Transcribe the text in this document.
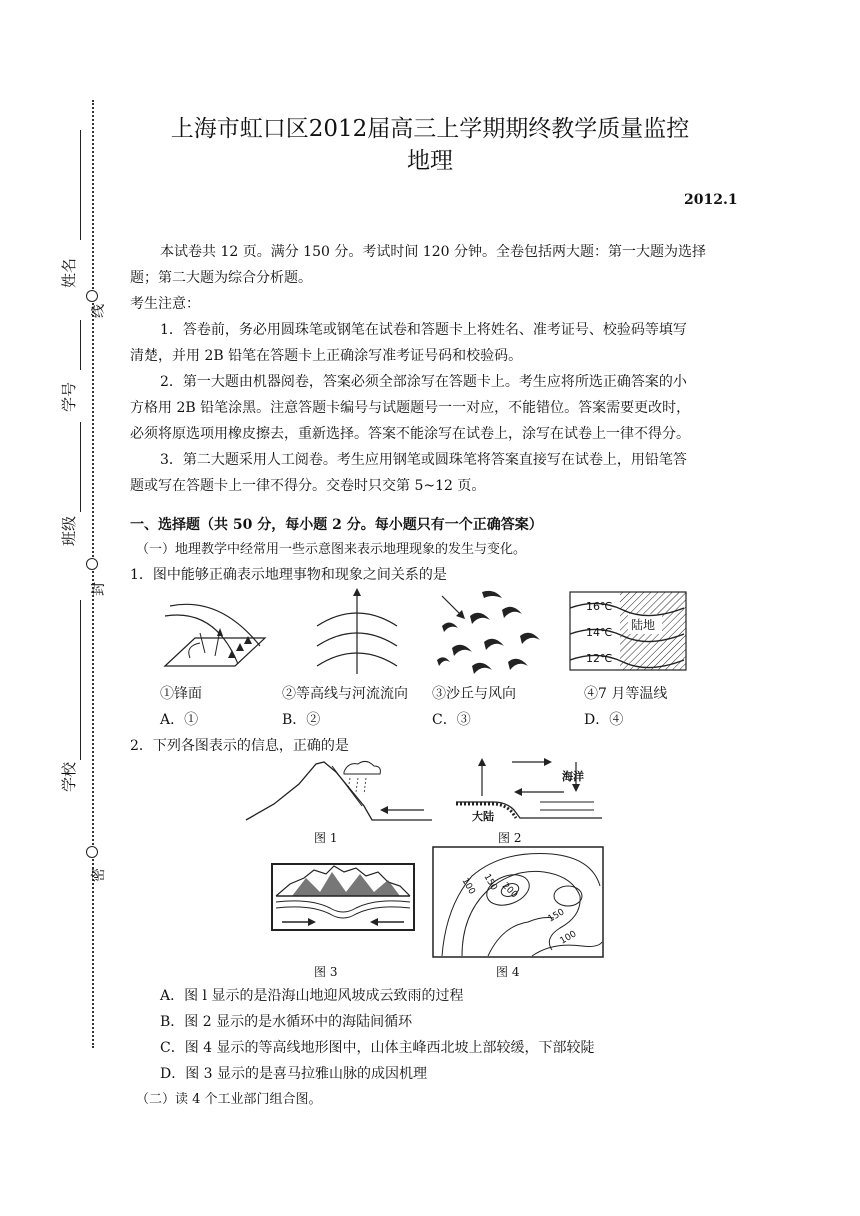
姓名
线
学号
班级
封
学校
密
上海市虹口区2012届高三上学期期终教学质量监控
地理
2012.1
本试卷共 12 页。满分 150 分。考试时间 120 分钟。全卷包括两大题：第一大题为选择
题；第二大题为综合分析题。
考生注意：
1．答卷前，务必用圆珠笔或钢笔在试卷和答题卡上将姓名、准考证号、校验码等填写
清楚，并用 2B 铅笔在答题卡上正确涂写准考证号码和校验码。
2．第一大题由机器阅卷，答案必须全部涂写在答题卡上。考生应将所选正确答案的小
方格用 2B 铅笔涂黑。注意答题卡编号与试题题号一一对应，不能错位。答案需要更改时，
必须将原选项用橡皮擦去，重新选择。答案不能涂写在试卷上，涂写在试卷上一律不得分。
3．第二大题采用人工阅卷。考生应用钢笔或圆珠笔将答案直接写在试卷上，用铅笔答
题或写在答题卡上一律不得分。交卷时只交第 5~12 页。
一、选择题（共 50 分，每小题 2 分。每小题只有一个正确答案）
（一）地理教学中经常用一些示意图来表示地理现象的发生与变化。
1．图中能够正确表示地理事物和现象之间关系的是
陆地
16℃
14℃
12℃
①锋面	②等高线与河流流向 ③沙丘与风向	④7 月等温线
A．①	B．②	C．③	D．④
2．下列各图表示的信息，正确的是
图 1
海洋
大陆
图 2
图 3
100 150 200
150
100
图 4
A．图 l 显示的是沿海山地迎风坡成云致雨的过程
B．图 2 显示的是水循环中的海陆间循环
C．图 4 显示的等高线地形图中，山体主峰西北坡上部较缓，下部较陡
D．图 3 显示的是喜马拉雅山脉的成因机理
（二）读 4 个工业部门组合图。
